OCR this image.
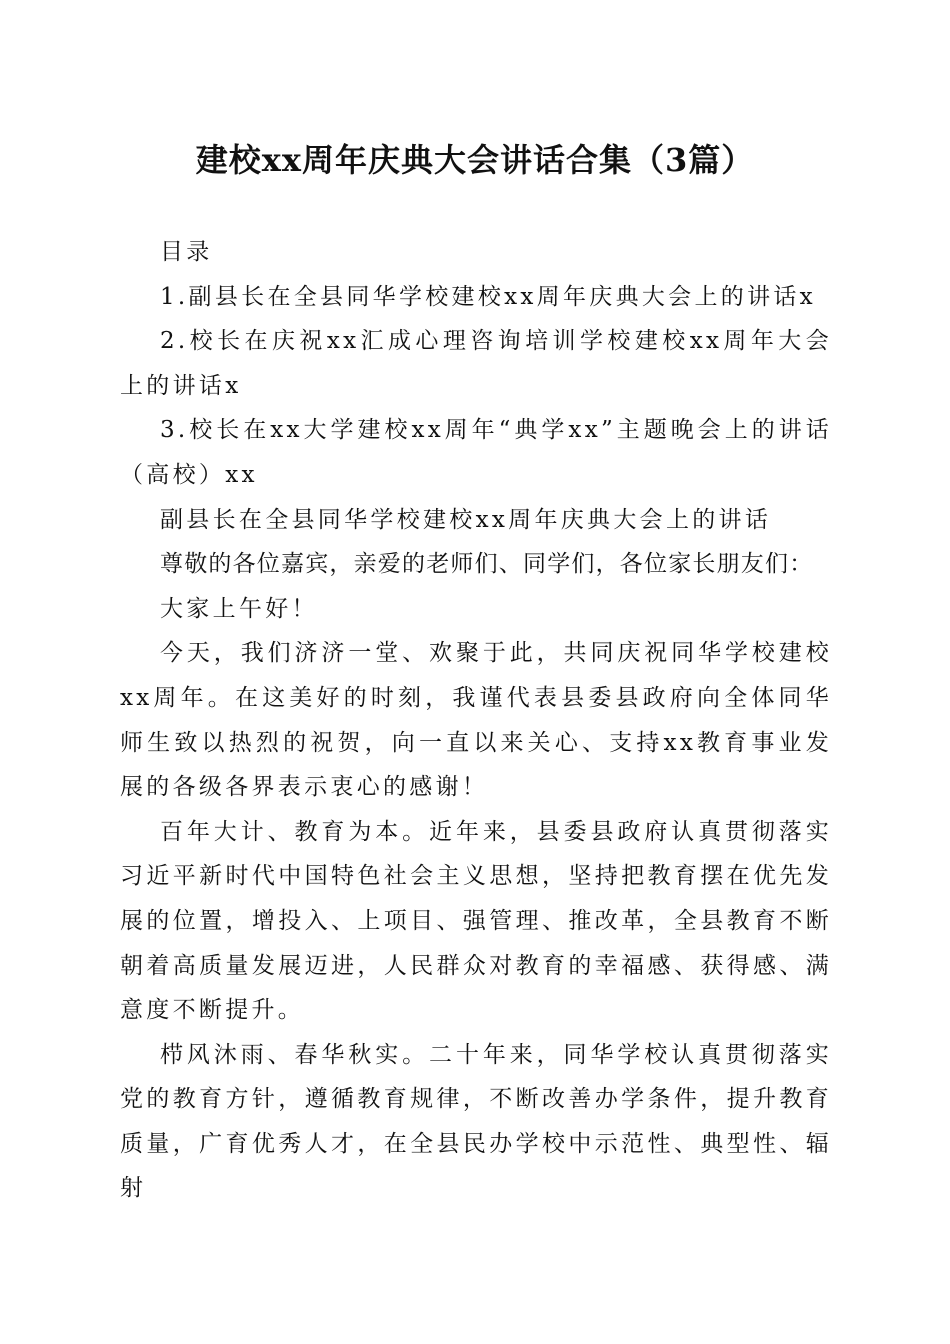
建校xx周年庆典大会讲话合集（3篇）

目录

1.副县长在全县同华学校建校xx周年庆典大会上的讲话x

2.校长在庆祝xx汇成心理咨询培训学校建校xx周年大会上的讲话x

3.校长在xx大学建校xx周年“典学xx”主题晚会上的讲话（高校）xx

副县长在全县同华学校建校xx周年庆典大会上的讲话

尊敬的各位嘉宾，亲爱的老师们、同学们，各位家长朋友们：

大家上午好！

今天，我们济济一堂、欢聚于此，共同庆祝同华学校建校xx周年。在这美好的时刻，我谨代表县委县政府向全体同华师生致以热烈的祝贺，向一直以来关心、支持xx教育事业发展的各级各界表示衷心的感谢！

百年大计、教育为本。近年来，县委县政府认真贯彻落实习近平新时代中国特色社会主义思想，坚持把教育摆在优先发展的位置，增投入、上项目、强管理、推改革，全县教育不断朝着高质量发展迈进，人民群众对教育的幸福感、获得感、满意度不断提升。

栉风沐雨、春华秋实。二十年来，同华学校认真贯彻落实党的教育方针，遵循教育规律，不断改善办学条件，提升教育质量，广育优秀人才，在全县民办学校中示范性、典型性、辐射
